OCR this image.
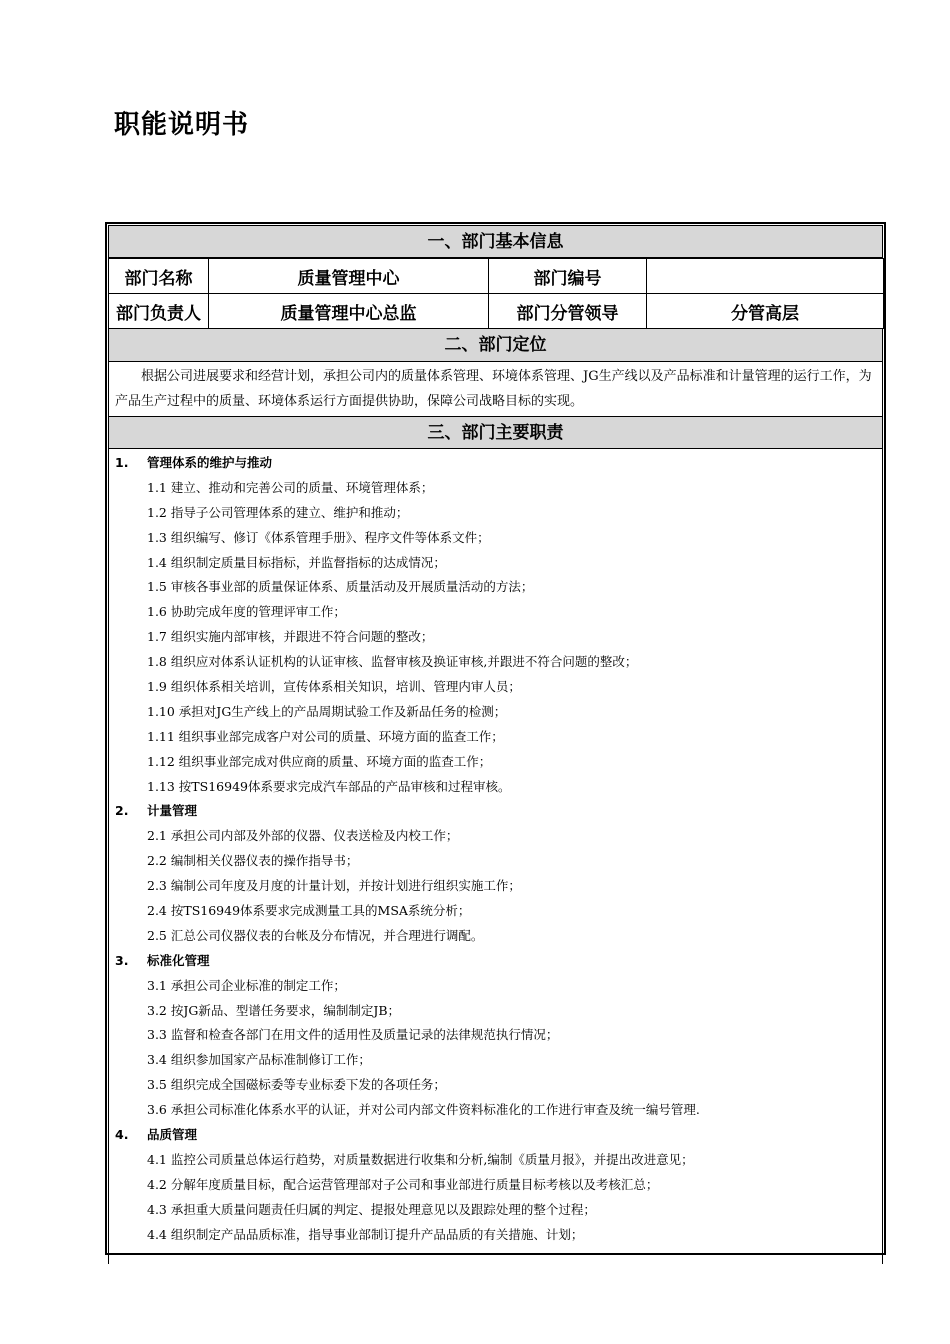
职能说明书
一、部门基本信息
部门名称	质量管理中心	部门编号	
部门负责人	质量管理中心总监	部门分管领导	分管高层
二、部门定位
根据公司进展要求和经营计划，承担公司内的质量体系管理、环境体系管理、JG生产线以及产品标准和计量管理的运行工作，为产品生产过程中的质量、环境体系运行方面提供协助，保障公司战略目标的实现。
三、部门主要职责
1. 管理体系的维护与推动
1.1 建立、推动和完善公司的质量、环境管理体系；
1.2 指导子公司管理体系的建立、维护和推动；
1.3 组织编写、修订《体系管理手册》、程序文件等体系文件；
1.4 组织制定质量目标指标，并监督指标的达成情况；
1.5 审核各事业部的质量保证体系、质量活动及开展质量活动的方法；
1.6 协助完成年度的管理评审工作；
1.7 组织实施内部审核，并跟进不符合问题的整改；
1.8 组织应对体系认证机构的认证审核、监督审核及换证审核,并跟进不符合问题的整改；
1.9 组织体系相关培训，宣传体系相关知识，培训、管理内审人员；
1.10 承担对JG生产线上的产品周期试验工作及新品任务的检测；
1.11 组织事业部完成客户对公司的质量、环境方面的监查工作；
1.12 组织事业部完成对供应商的质量、环境方面的监查工作；
1.13 按TS16949体系要求完成汽车部品的产品审核和过程审核。
2. 计量管理
2.1 承担公司内部及外部的仪器、仪表送检及内校工作；
2.2 编制相关仪器仪表的操作指导书；
2.3 编制公司年度及月度的计量计划，并按计划进行组织实施工作；
2.4 按TS16949体系要求完成测量工具的MSA系统分析；
2.5 汇总公司仪器仪表的台帐及分布情况，并合理进行调配。
3. 标准化管理
3.1 承担公司企业标准的制定工作；
3.2 按JG新品、型谱任务要求，编制制定JB；
3.3 监督和检查各部门在用文件的适用性及质量记录的法律规范执行情况；
3.4 组织参加国家产品标准制修订工作；
3.5 组织完成全国磁标委等专业标委下发的各项任务；
3.6 承担公司标准化体系水平的认证，并对公司内部文件资料标准化的工作进行审查及统一编号管理.
4. 品质管理
4.1 监控公司质量总体运行趋势，对质量数据进行收集和分析,编制《质量月报》，并提出改进意见；
4.2 分解年度质量目标，配合运营管理部对子公司和事业部进行质量目标考核以及考核汇总；
4.3 承担重大质量问题责任归属的判定、提报处理意见以及跟踪处理的整个过程；
4.4 组织制定产品品质标准，指导事业部制订提升产品品质的有关措施、计划；
